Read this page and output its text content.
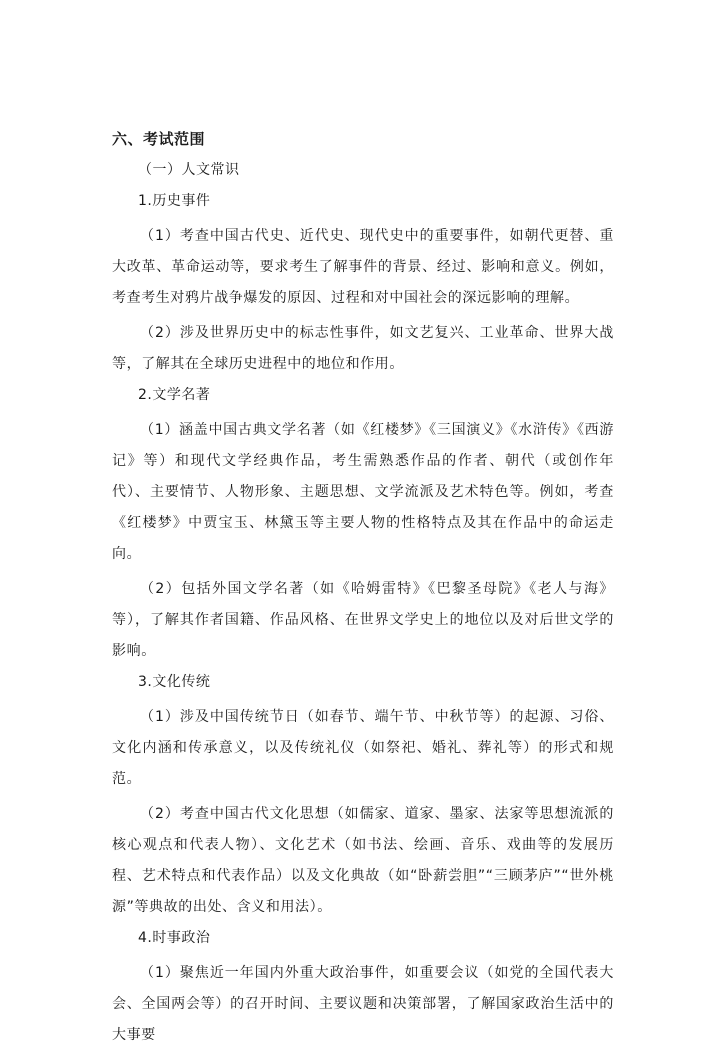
六、考试范围
（一）人文常识
1.历史事件

（1）考查中国古代史、近代史、现代史中的重要事件，如朝代更替、重大改革、革命运动等，要求考生了解事件的背景、经过、影响和意义。例如，考查考生对鸦片战争爆发的原因、过程和对中国社会的深远影响的理解。

（2）涉及世界历史中的标志性事件，如文艺复兴、工业革命、世界大战等，了解其在全球历史进程中的地位和作用。

2.文学名著

（1）涵盖中国古典文学名著（如《红楼梦》《三国演义》《水浒传》《西游记》等）和现代文学经典作品，考生需熟悉作品的作者、朝代（或创作年代）、主要情节、人物形象、主题思想、文学流派及艺术特色等。例如，考查《红楼梦》中贾宝玉、林黛玉等主要人物的性格特点及其在作品中的命运走向。

（2）包括外国文学名著（如《哈姆雷特》《巴黎圣母院》《老人与海》等），了解其作者国籍、作品风格、在世界文学史上的地位以及对后世文学的影响。

3.文化传统

（1）涉及中国传统节日（如春节、端午节、中秋节等）的起源、习俗、文化内涵和传承意义，以及传统礼仪（如祭祀、婚礼、葬礼等）的形式和规范。

（2）考查中国古代文化思想（如儒家、道家、墨家、法家等思想流派的核心观点和代表人物）、文化艺术（如书法、绘画、音乐、戏曲等的发展历程、艺术特点和代表作品）以及文化典故（如“卧薪尝胆”“三顾茅庐”“世外桃源”等典故的出处、含义和用法）。

4.时事政治

（1）聚焦近一年国内外重大政治事件，如重要会议（如党的全国代表大会、全国两会等）的召开时间、主要议题和决策部署，了解国家政治生活中的大事要
